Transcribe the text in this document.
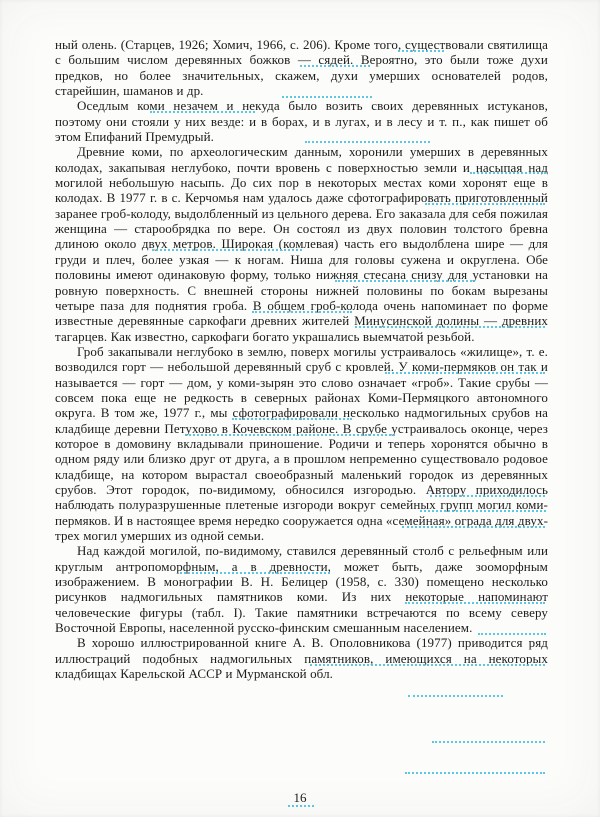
ный олень. (Старцев, 1926; Хомич, 1966, с. 206). Кроме того, существовали святилища с большим числом деревянных божков — сядей. Вероятно, это были тоже духи предков, но более значительных, скажем, духи умерших основателей родов, старейшин, шаманов и др.

Оседлым коми незачем и некуда было возить своих деревянных истуканов, поэтому они стояли у них везде: и в борах, и в лугах, и в лесу и т. п., как пишет об этом Епифаний Премудрый.

Древние коми, по археологическим данным, хоронили умерших в деревянных колодах, закапывая неглубоко, почти вровень с поверхностью земли и насыпая над могилой небольшую насыпь. До сих пор в некоторых местах коми хоронят еще в колодах. В 1977 г. в с. Керчомья нам удалось даже сфотографировать приготовленный заранее гроб-колоду, выдолбленный из цельного дерева. Его заказала для себя пожилая женщина — старообрядка по вере. Он состоял из двух половин толстого бревна длиною около двух метров. Широкая (комлевая) часть его выдолблена шире — для груди и плеч, более узкая — к ногам. Ниша для головы сужена и округлена. Обе половины имеют одинаковую форму, только нижняя стесана снизу для установки на ровную поверхность. С внешней стороны нижней половины по бокам вырезаны четыре паза для поднятия гроба. В общем гроб-колода очень напоминает по форме известные деревянные саркофаги древних жителей Минусинской долины — древних тагарцев. Как известно, саркофаги богато украшались выемчатой резьбой.

Гроб закапывали неглубоко в землю, поверх могилы устраивалось «жилище», т. е. возводился горт — небольшой деревянный сруб с кровлей. У коми-пермяков он так и называется — горт — дом, у коми-зырян это слово означает «гроб». Такие срубы — совсем пока еще не редкость в северных районах Коми-Пермяцкого автономного округа. В том же, 1977 г., мы сфотографировали несколько надмогильных срубов на кладбище деревни Петухово в Кочевском районе. В срубе устраивалось оконце, через которое в домовину вкладывали приношение. Родичи и теперь хоронятся обычно в одном ряду или близко друг от друга, а в прошлом непременно существовало родовое кладбище, на котором вырастал своеобразный маленький городок из деревянных срубов. Этот городок, по-видимому, обносился изгородью. Автору приходилось наблюдать полуразрушенные плетеные изгороди вокруг семейных групп могил коми-пермяков. И в настоящее время нередко сооружается одна «семейная» ограда для двух-трех могил умерших из одной семьи.

Над каждой могилой, по-видимому, ставился деревянный столб с рельефным или круглым антропоморфным, а в древности, может быть, даже зооморфным изображением. В монографии В. Н. Белицер (1958, с. 330) помещено несколько рисунков надмогильных памятников коми. Из них некоторые напоминают человеческие фигуры (табл. I). Такие памятники встречаются по всему северу Восточной Европы, населенной русско-финским смешанным населением.

В хорошо иллюстрированной книге А. В. Ополовникова (1977) приводится ряд иллюстраций подобных надмогильных памятников, имеющихся на некоторых кладбищах Карельской АССР и Мурманской обл.

16
